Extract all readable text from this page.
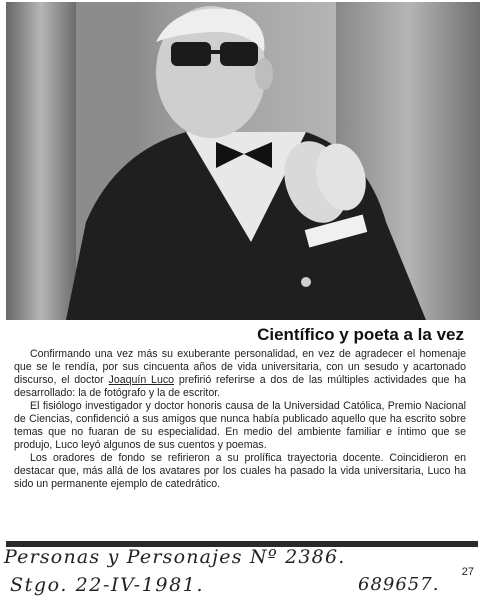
Científico y poeta a la vez

Confirmando una vez más su exuberante personalidad, en vez de agradecer el homenaje que se le rendía, por sus cincuenta años de vida universitaria, con un sesudo y acartonado discurso, el doctor Joaquín Luco prefirió referirse a dos de las múltiples actividades que ha desarrollado: la de fotógrafo y la de escritor.

El fisiólogo investigador y doctor honoris causa de la Universidad Católica, Premio Nacional de Ciencias, confidenció a sus amigos que nunca había publicado aquello que ha escrito sobre temas que no fuaran de su especialidad. En medio del ambiente familiar e íntimo que se produjo, Luco leyó algunos de sus cuentos y poemas.

Los oradores de fondo se refirieron a su prolífica trayectoria docente. Coincidieron en destacar que, más allá de los avatares por los cuales ha pasado la vida universitaria, Luco ha sido un permanente ejemplo de catedrático.

Personas y Personajes Nº 2386.
Stgo. 22-IV-1981.	689657.
27
